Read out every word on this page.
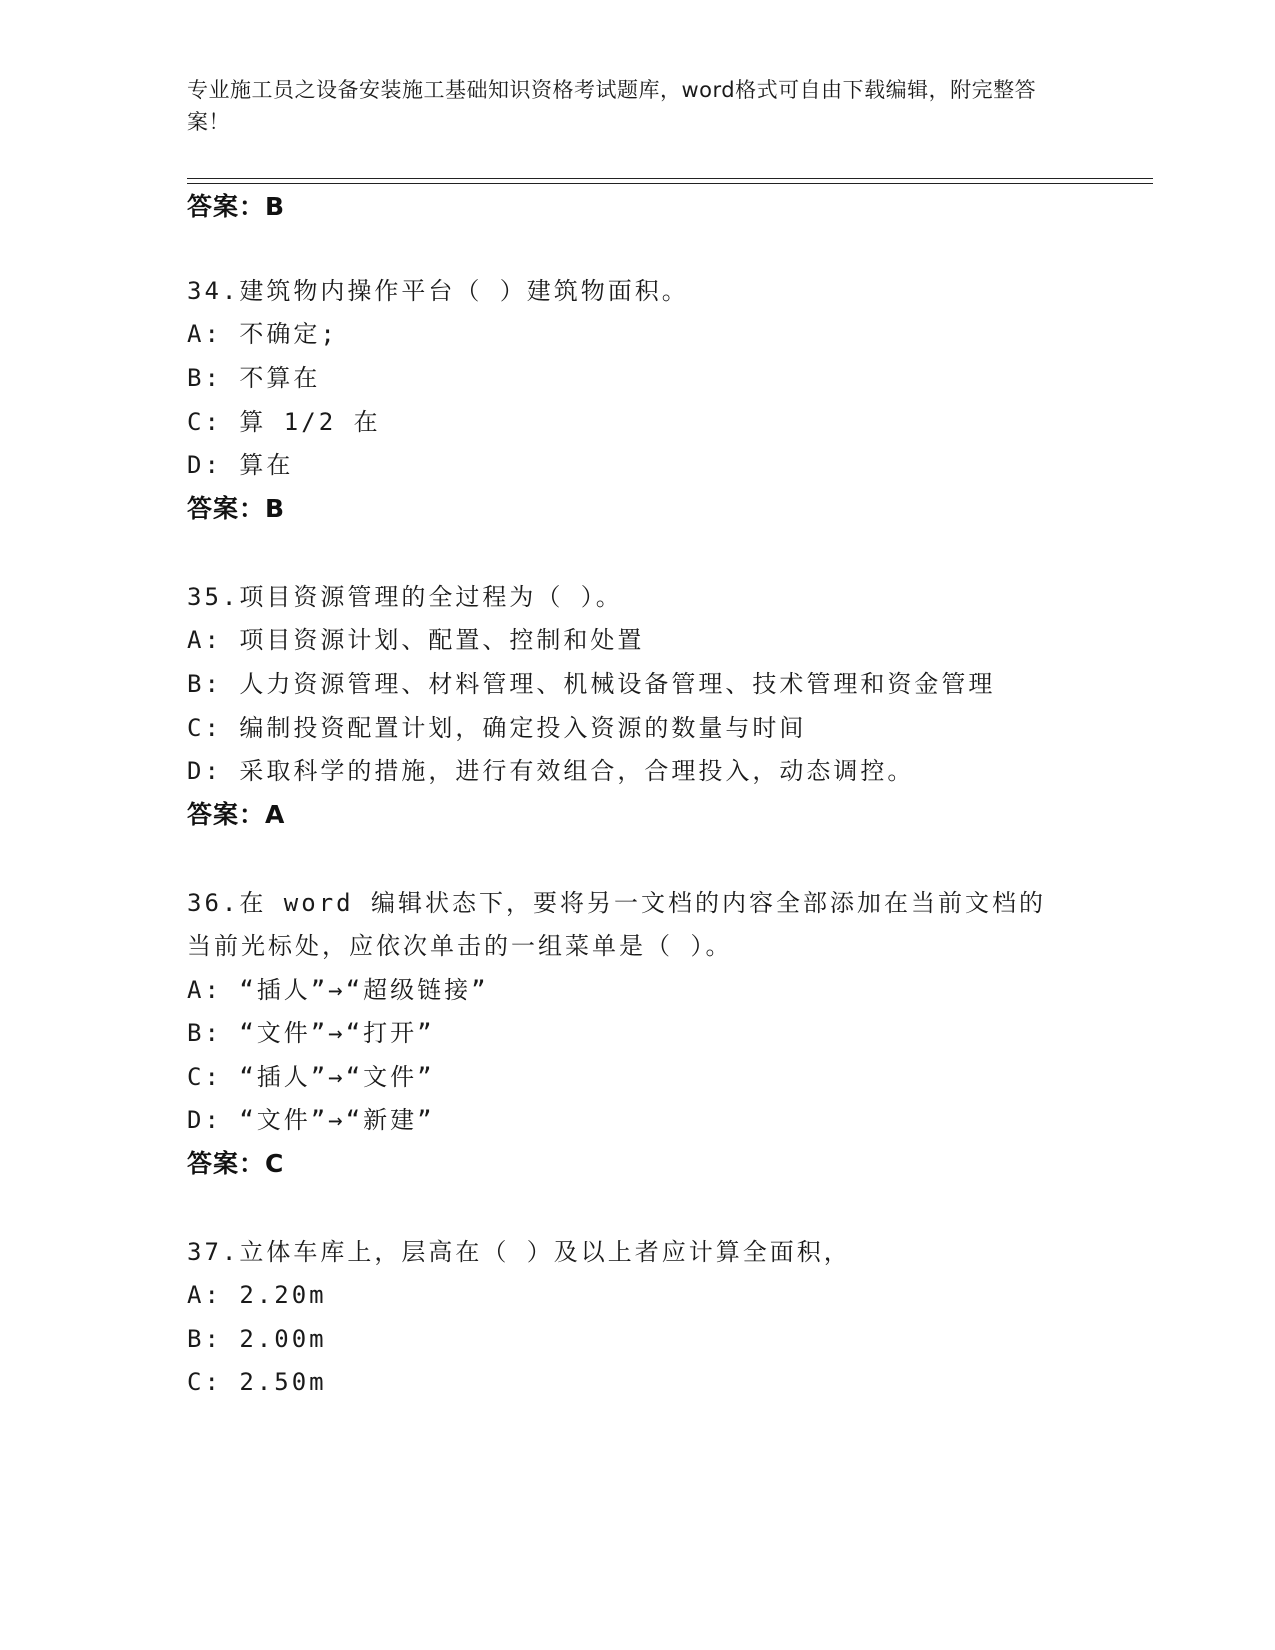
专业施工员之设备安装施工基础知识资格考试题库，word格式可自由下载编辑，附完整答案！
答案：B
34.建筑物内操作平台（ ）建筑物面积。
A: 不确定;
B: 不算在
C: 算 1/2 在
D: 算在
答案：B
35.项目资源管理的全过程为（ ）。
A: 项目资源计划、配置、控制和处置
B: 人力资源管理、材料管理、机械设备管理、技术管理和资金管理
C: 编制投资配置计划，确定投入资源的数量与时间
D: 采取科学的措施，进行有效组合，合理投入，动态调控。
答案：A
36.在 word 编辑状态下，要将另一文档的内容全部添加在当前文档的
当前光标处，应依次单击的一组菜单是（ ）。
A: “插人”→“超级链接”
B: “文件”→“打开”
C: “插人”→“文件”
D: “文件”→“新建”
答案：C
37.立体车库上，层高在（ ）及以上者应计算全面积，
A: 2.20m
B: 2.00m
C: 2.50m
